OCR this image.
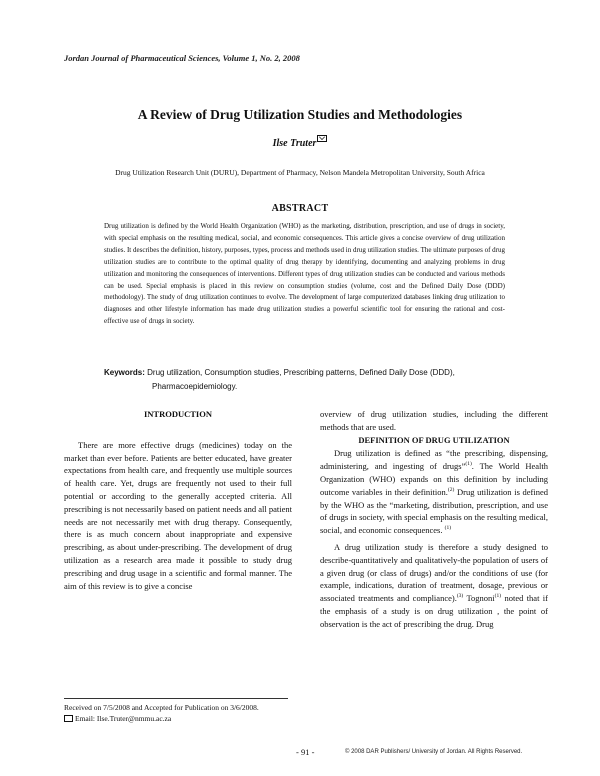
Jordan Journal of Pharmaceutical Sciences, Volume 1, No. 2, 2008
A Review of Drug Utilization Studies and Methodologies
Ilse Truter
Drug Utilization Research Unit (DURU), Department of Pharmacy, Nelson Mandela Metropolitan University, South Africa
ABSTRACT
Drug utilization is defined by the World Health Organization (WHO) as the marketing, distribution, prescription, and use of drugs in society, with special emphasis on the resulting medical, social, and economic consequences. This article gives a concise overview of drug utilization studies. It describes the definition, history, purposes, types, process and methods used in drug utilization studies. The ultimate purposes of drug utilization studies are to contribute to the optimal quality of drug therapy by identifying, documenting and analyzing problems in drug utilization and monitoring the consequences of interventions. Different types of drug utilization studies can be conducted and various methods can be used. Special emphasis is placed in this review on consumption studies (volume, cost and the Defined Daily Dose (DDD) methodology). The study of drug utilization continues to evolve. The development of large computerized databases linking drug utilization to diagnoses and other lifestyle information has made drug utilization studies a powerful scientific tool for ensuring the rational and cost-effective use of drugs in society.
Keywords: Drug utilization, Consumption studies, Prescribing patterns, Defined Daily Dose (DDD),
Pharmacoepidemiology.
INTRODUCTION

There are more effective drugs (medicines) today on the market than ever before. Patients are better educated, have greater expectations from health care, and frequently use multiple sources of health care. Yet, drugs are frequently not used to their full potential or according to the generally accepted criteria. All prescribing is not necessarily based on patient needs and all patient needs are not necessarily met with drug therapy. Consequently, there is as much concern about inappropriate and expensive prescribing, as about under-prescribing. The development of drug utilization as a research area made it possible to study drug prescribing and drug usage in a scientific and formal manner. The aim of this review is to give a concise

overview of drug utilization studies, including the different methods that are used.

DEFINITION OF DRUG UTILIZATION

Drug utilization is defined as “the prescribing, dispensing, administering, and ingesting of drugs”$^{(1)}$. The World Health Organization (WHO) expands on this definition by including outcome variables in their definition.$^{(2)}$ Drug utilization is defined by the WHO as the “marketing, distribution, prescription, and use of drugs in society, with special emphasis on the resulting medical, social, and economic consequences. $^{(1)}$

A drug utilization study is therefore a study designed to describe-quantitatively and qualitatively-the population of users of a given drug (or class of drugs) and/or the conditions of use (for example, indications, duration of treatment, dosage, previous or associated treatments and compliance).$^{(3)}$ Tognoni$^{(1)}$ noted that if the emphasis of a study is on drug utilization , the point of observation is the act of prescribing the drug. Drug

Received on 7/5/2008 and Accepted for Publication on 3/6/2008.
Email: Ilse.Truter@nmmu.ac.za
- 91 -	© 2008 DAR Publishers/ University of Jordan. All Rights Reserved.
